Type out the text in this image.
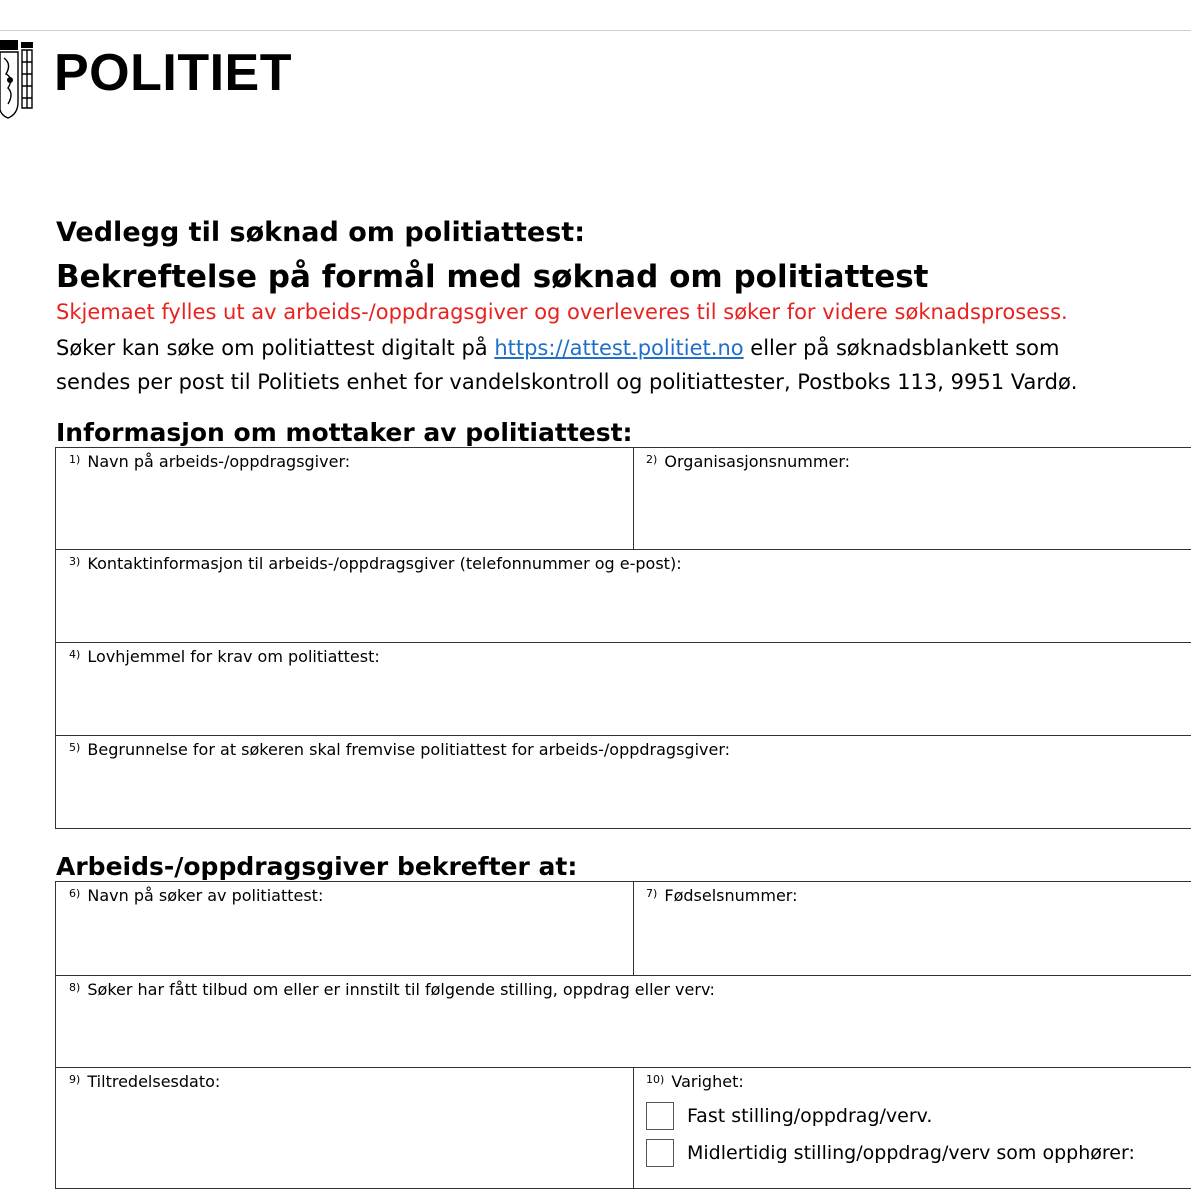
POLITIET
Vedlegg til søknad om politiattest:
Bekreftelse på formål med søknad om politiattest
Skjemaet fylles ut av arbeids-/oppdragsgiver og overleveres til søker for videre søknadsprosess.

Søker kan søke om politiattest digitalt på https://attest.politiet.no eller på søknadsblankett som

sendes per post til Politiets enhet for vandelskontroll og politiattester, Postboks 113, 9951 Vardø.

Informasjon om mottaker av politiattest:
$^{1)}$ Navn på arbeids-/oppdragsgiver:	$^{2)}$ Organisasjonsnummer:
$^{3)}$ Kontaktinformasjon til arbeids-/oppdragsgiver (telefonnummer og e-post):
$^{4)}$ Lovhjemmel for krav om politiattest:
$^{5)}$ Begrunnelse for at søkeren skal fremvise politiattest for arbeids-/oppdragsgiver:
Arbeids-/oppdragsgiver bekrefter at:
$^{6)}$ Navn på søker av politiattest:	$^{7)}$ Fødselsnummer:
$^{8)}$ Søker har fått tilbud om eller er innstilt til følgende stilling, oppdrag eller verv:
$^{9)}$ Tiltredelsesdato:	$^{10)}$ Varighet:
Fast stilling/oppdrag/verv.
Midlertidig stilling/oppdrag/verv som opphører:
